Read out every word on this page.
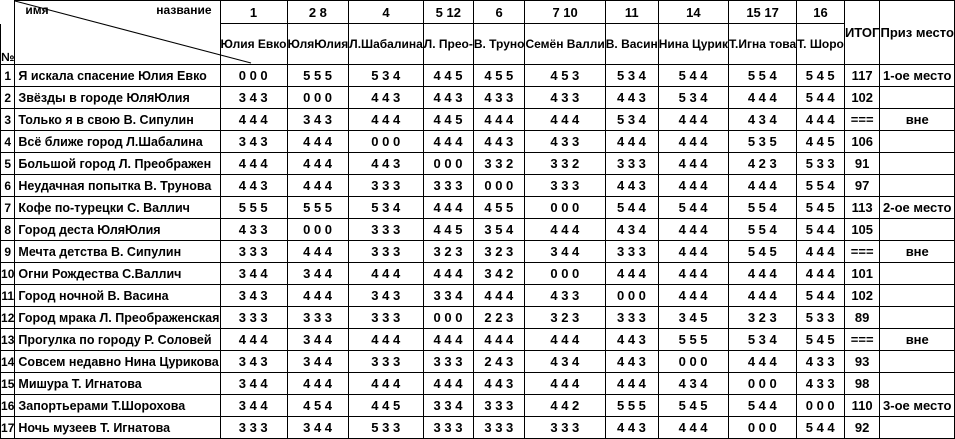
	имя название	1	2 8	4	5 12	6	7 10	11	14	15 17	16	ИТОГ	Приз место
№		Юлия Евко	ЮляЮлия	Л.Шабалина	Л. Прео-	В. Труно	Семён Валли	В. Васин	Нина Цурик	Т.Игна това	Т. Шоро		
1	Я искала спасение Юлия Евко	000	555	534	445	455	453	534	544	554	545	117	1-ое место
2	Звёзды в городе ЮляЮлия	343	000	443	443	433	433	443	534	444	544	102	
3	Только я в свою В. Сипулин	444	343	444	445	444	444	534	444	434	444	===	вне
4	Всё ближе город Л.Шабалина	343	444	000	444	443	433	444	444	535	445	106	
5	Большой город Л. Преображен	444	444	443	000	332	332	333	444	423	533	91	
6	Неудачная попытка В. Трунова	443	444	333	333	000	333	443	444	444	554	97	
7	Кофе по-турецки С. Валлич	555	555	534	444	455	000	544	544	554	545	113	2-ое место
8	Город деста ЮляЮлия	433	000	333	445	354	444	434	444	554	544	105	
9	Мечта детства В. Сипулин	333	444	333	323	323	344	333	444	545	444	===	вне
10	Огни Рождества С.Валлич	344	344	444	444	342	000	444	444	444	444	101	
11	Город ночной В. Васина	343	444	343	334	444	433	000	444	444	544	102	
12	Город мрака Л. Преображенская	333	333	333	000	223	323	333	345	323	533	89	
13	Прогулка по городу Р. Соловей	444	344	444	444	444	444	443	555	534	545	===	вне
14	Совсем недавно Нина Цурикова	343	344	333	333	243	434	443	000	444	433	93	
15	Мишура Т. Игнатова	344	444	444	444	443	444	444	434	000	433	98	
16	Запортьерами Т.Шорохова	344	454	445	334	333	442	555	545	544	000	110	3-ое место
17	Ночь музеев Т. Игнатова	333	344	533	333	333	333	443	444	000	544	92	
